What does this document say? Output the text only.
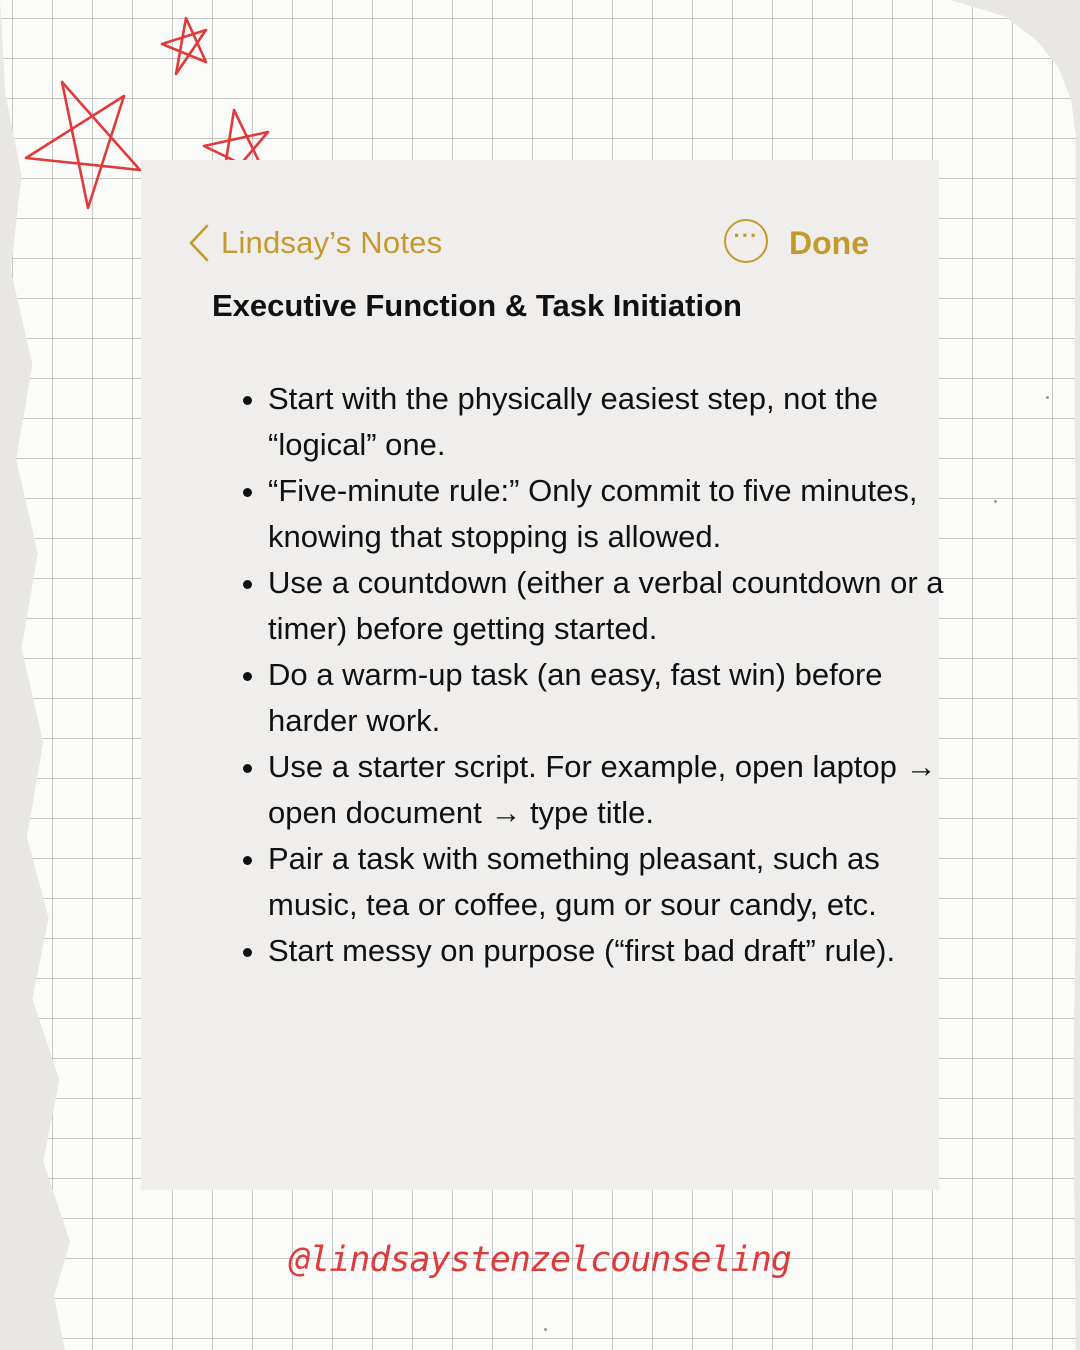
Lindsay’s Notes	··· Done
Executive Function & Task Initiation
Start with the physically easiest step, not the “logical” one.
“Five-minute rule:” Only commit to five minutes, knowing that stopping is allowed.
Use a countdown (either a verbal countdown or a timer) before getting started.
Do a warm-up task (an easy, fast win) before harder work.
Use a starter script. For example, open laptop → open document → type title.
Pair a task with something pleasant, such as music, tea or coffee, gum or sour candy, etc.
Start messy on purpose (“first bad draft” rule).
@lindsaystenzelcounseling
